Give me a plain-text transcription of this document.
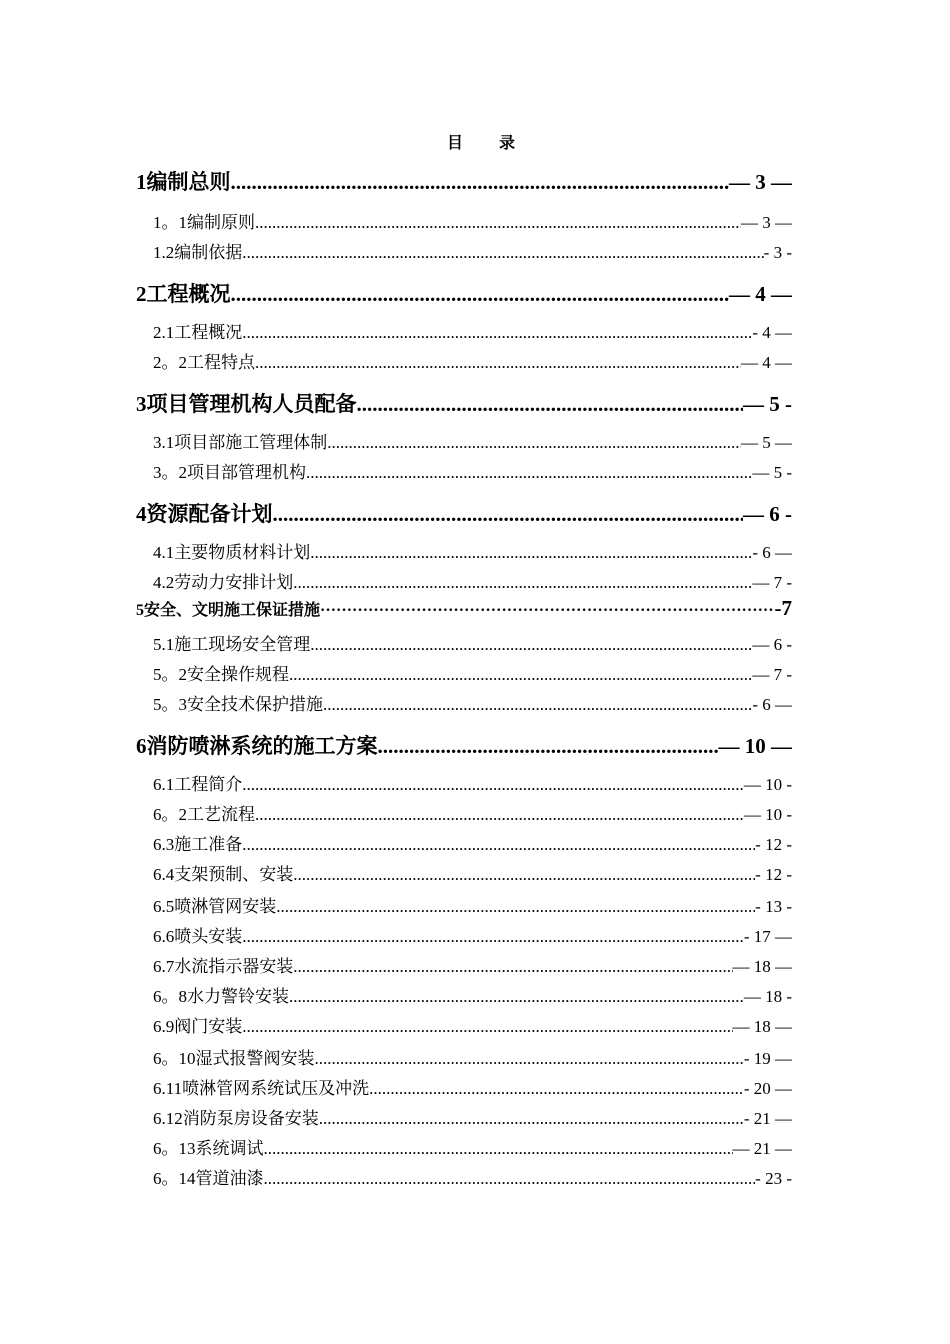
目 录
1编制总则 .....	— 3 —
1。1编制原则 .....	— 3 —
1.2编制依据 .....	- 3 -
2工程概况 .....	— 4 —
2.1工程概况 .....	- 4 —
2。2工程特点 .....	— 4 —
3项目管理机构人员配备 .....	— 5 -
3.1项目部施工管理体制 .....	— 5 —
3。2项目部管理机构 .....	— 5 -
4资源配备计划 .....	— 6 -
4.1主要物质材料计划 .....	- 6 —
4.2劳动力安排计划 .....	— 7 -
5安全、文明施工保证措施 ·····	-7
5.1施工现场安全管理 .....	— 6 -
5。2安全操作规程 .....	— 7 -
5。3安全技术保护措施 .....	- 6 —
6消防喷淋系统的施工方案 .....	— 10 —
6.1工程简介 .....	— 10 -
6。2工艺流程 .....	— 10 -
6.3施工准备 .....	- 12 -
6.4支架预制、安装 .....	- 12 -
6.5喷淋管网安装 .....	- 13 -
6.6喷头安装 .....	- 17 —
6.7水流指示器安装 .....	— 18 —
6。8水力警铃安装 .....	— 18 -
6.9阀门安装 .....	— 18 —
6。10湿式报警阀安装 .....	- 19 —
6.11喷淋管网系统试压及冲洗 .....	- 20 —
6.12消防泵房设备安装 .....	- 21 —
6。13系统调试 .....	— 21 —
6。14管道油漆 .....	- 23 -
